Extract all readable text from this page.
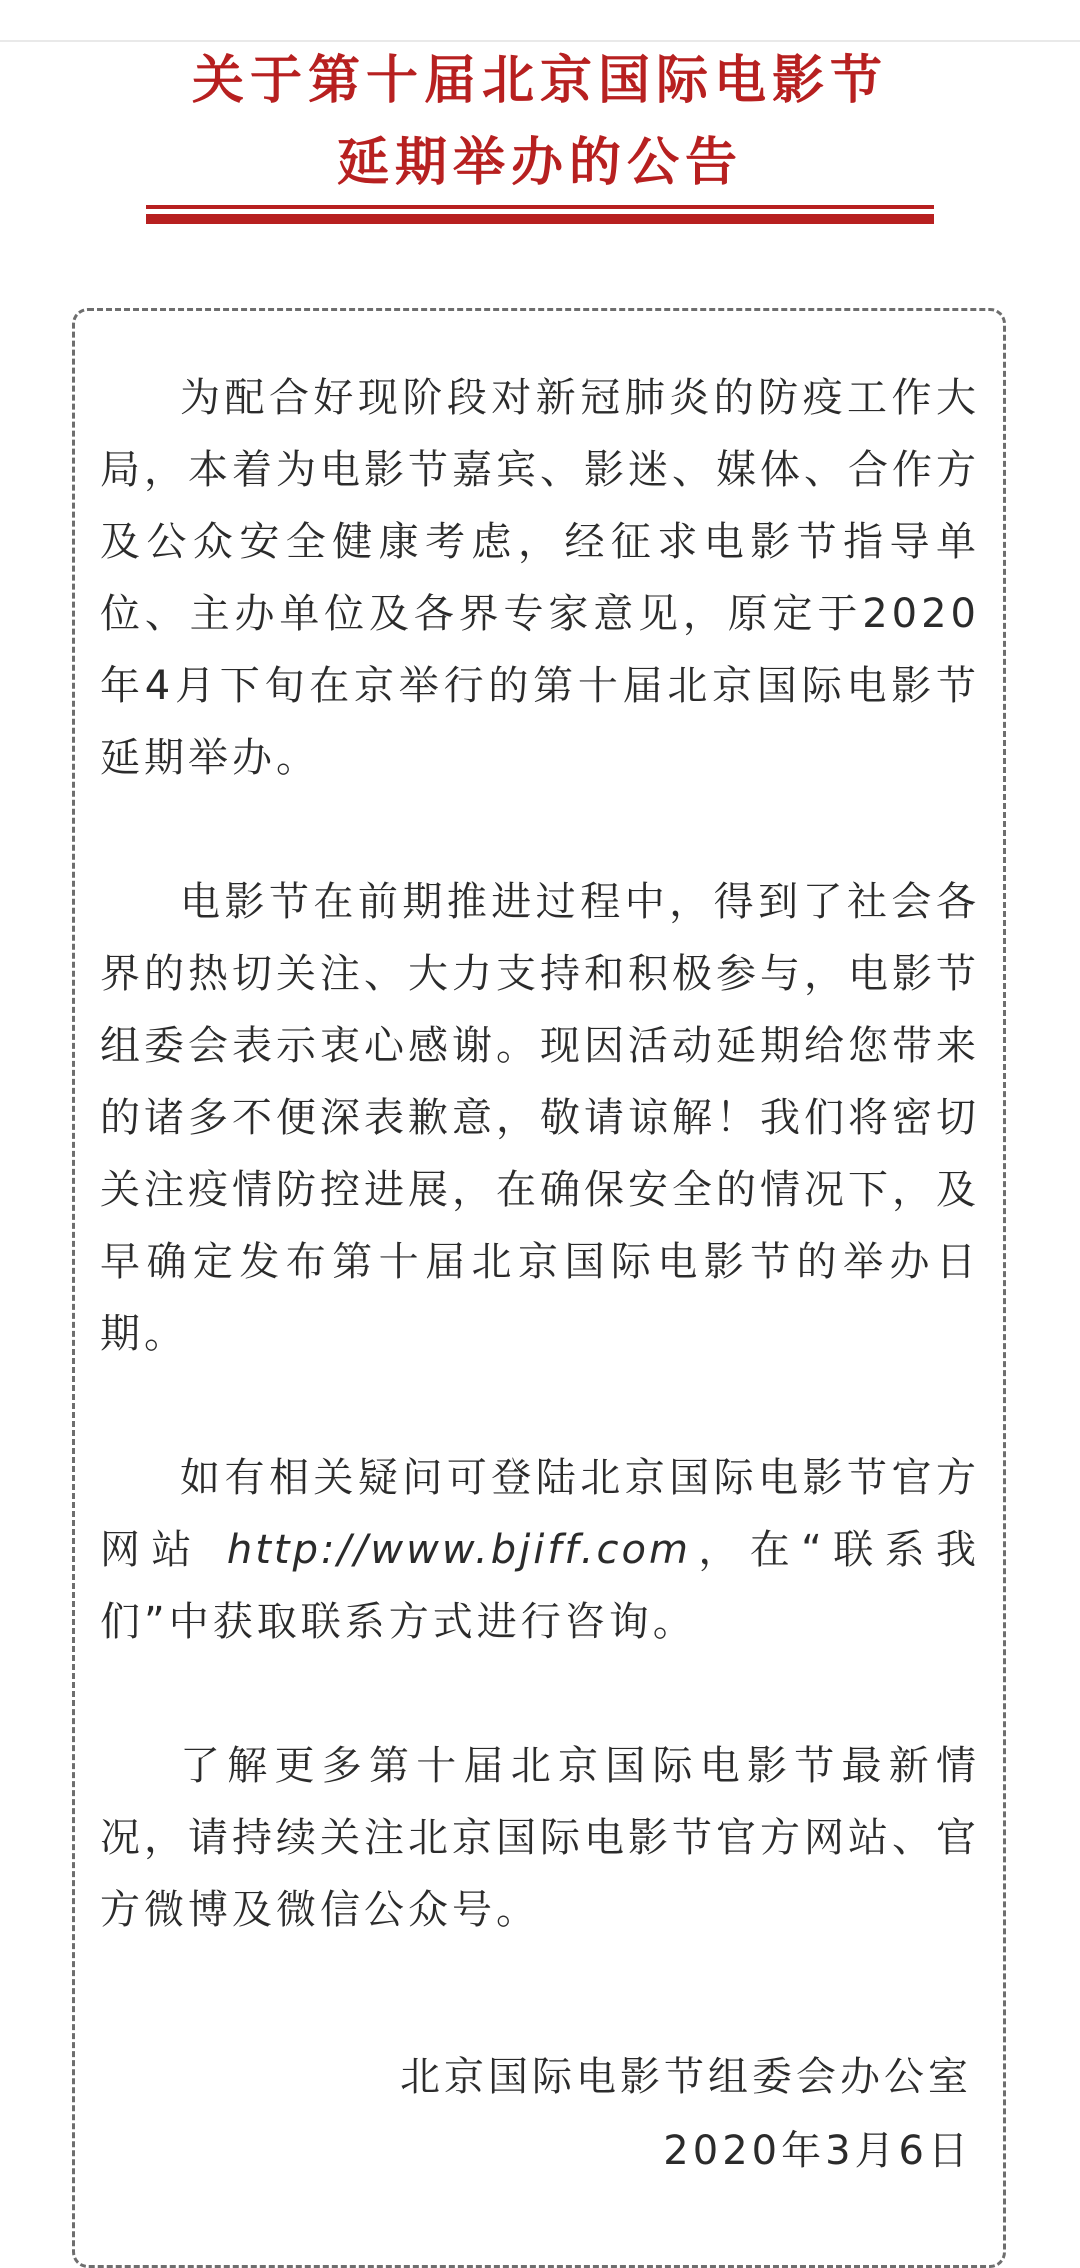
关于第十届北京国际电影节
延期举办的公告

为配合好现阶段对新冠肺炎的防疫工作大局，本着为电影节嘉宾、影迷、媒体、合作方及公众安全健康考虑，经征求电影节指导单位、主办单位及各界专家意见，原定于2020年4月下旬在京举行的第十届北京国际电影节延期举办。

电影节在前期推进过程中，得到了社会各界的热切关注、大力支持和积极参与，电影节组委会表示衷心感谢。现因活动延期给您带来的诸多不便深表歉意，敬请谅解！我们将密切关注疫情防控进展，在确保安全的情况下，及早确定发布第十届北京国际电影节的举办日期。

如有相关疑问可登陆北京国际电影节官方网站 http://www.bjiff.com，在“联系我们”中获取联系方式进行咨询。

了解更多第十届北京国际电影节最新情况，请持续关注北京国际电影节官方网站、官方微博及微信公众号。

北京国际电影节组委会办公室
2020年3月6日
